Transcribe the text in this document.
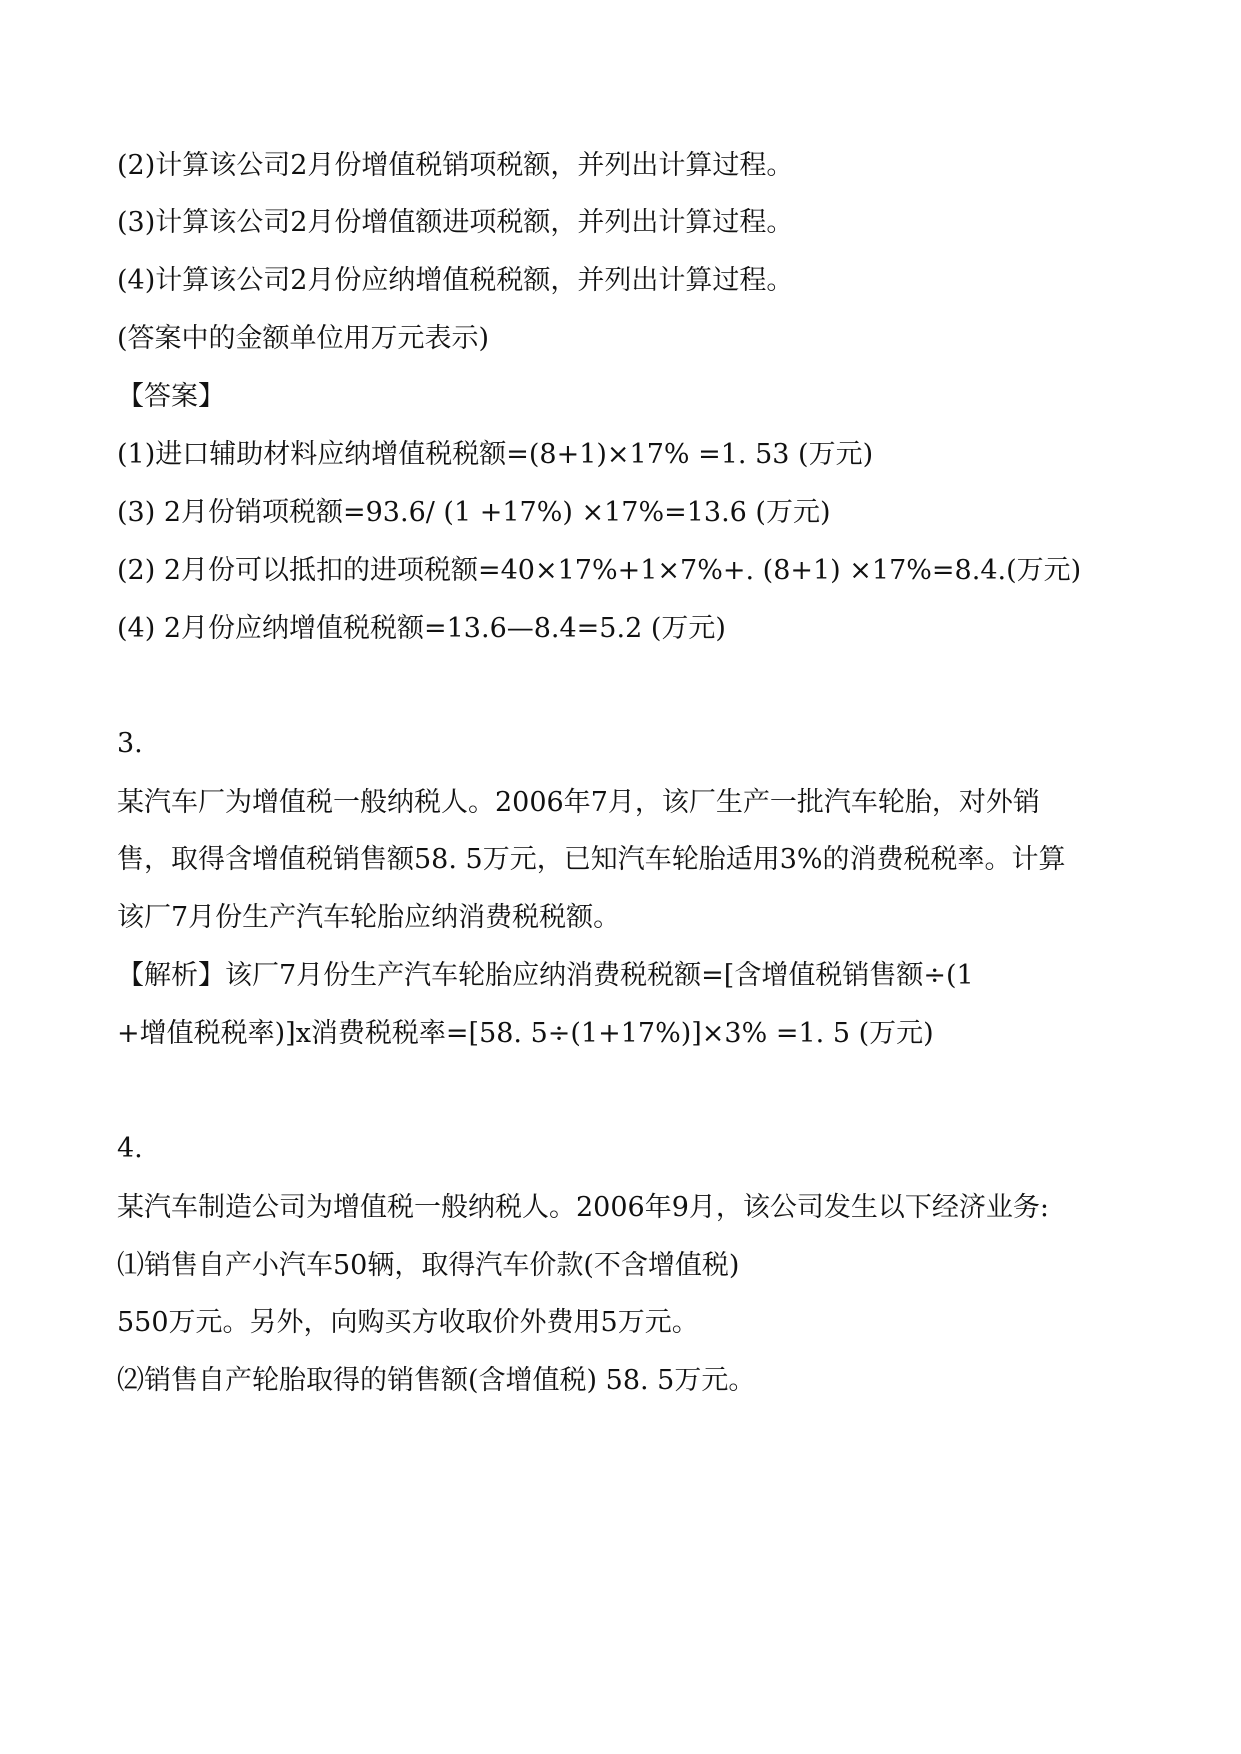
(2)计算该公司2月份增值税销项税额，并列出计算过程。
(3)计算该公司2月份增值额进项税额，并列出计算过程。
(4)计算该公司2月份应纳增值税税额，并列出计算过程。
(答案中的金额单位用万元表示)
【答案】
(1)进口辅助材料应纳增值税税额=(8+1)×17% =1. 53 (万元)
(3) 2月份销项税额=93.6/ (1 +17%) ×17%=13.6 (万元)
(2) 2月份可以抵扣的进项税额=40×17%+1×7%+. (8+1) ×17%=8.4.(万元)
(4) 2月份应纳增值税税额=13.6—8.4=5.2 (万元)
3.
某汽车厂为增值税一般纳税人。2006年7月，该厂生产一批汽车轮胎，对外销
售，取得含增值税销售额58. 5万元，已知汽车轮胎适用3%的消费税税率。计算
该厂7月份生产汽车轮胎应纳消费税税额。
【解析】该厂7月份生产汽车轮胎应纳消费税税额=[含增值税销售额÷(1
+增值税税率)]x消费税税率=[58. 5÷(1+17%)]×3% =1. 5 (万元)
4.
某汽车制造公司为增值税一般纳税人。2006年9月，该公司发生以下经济业务:
⑴销售自产小汽车50辆，取得汽车价款(不含增值税)
550万元。另外，向购买方收取价外费用5万元。
⑵销售自产轮胎取得的销售额(含增值税) 58. 5万元。
